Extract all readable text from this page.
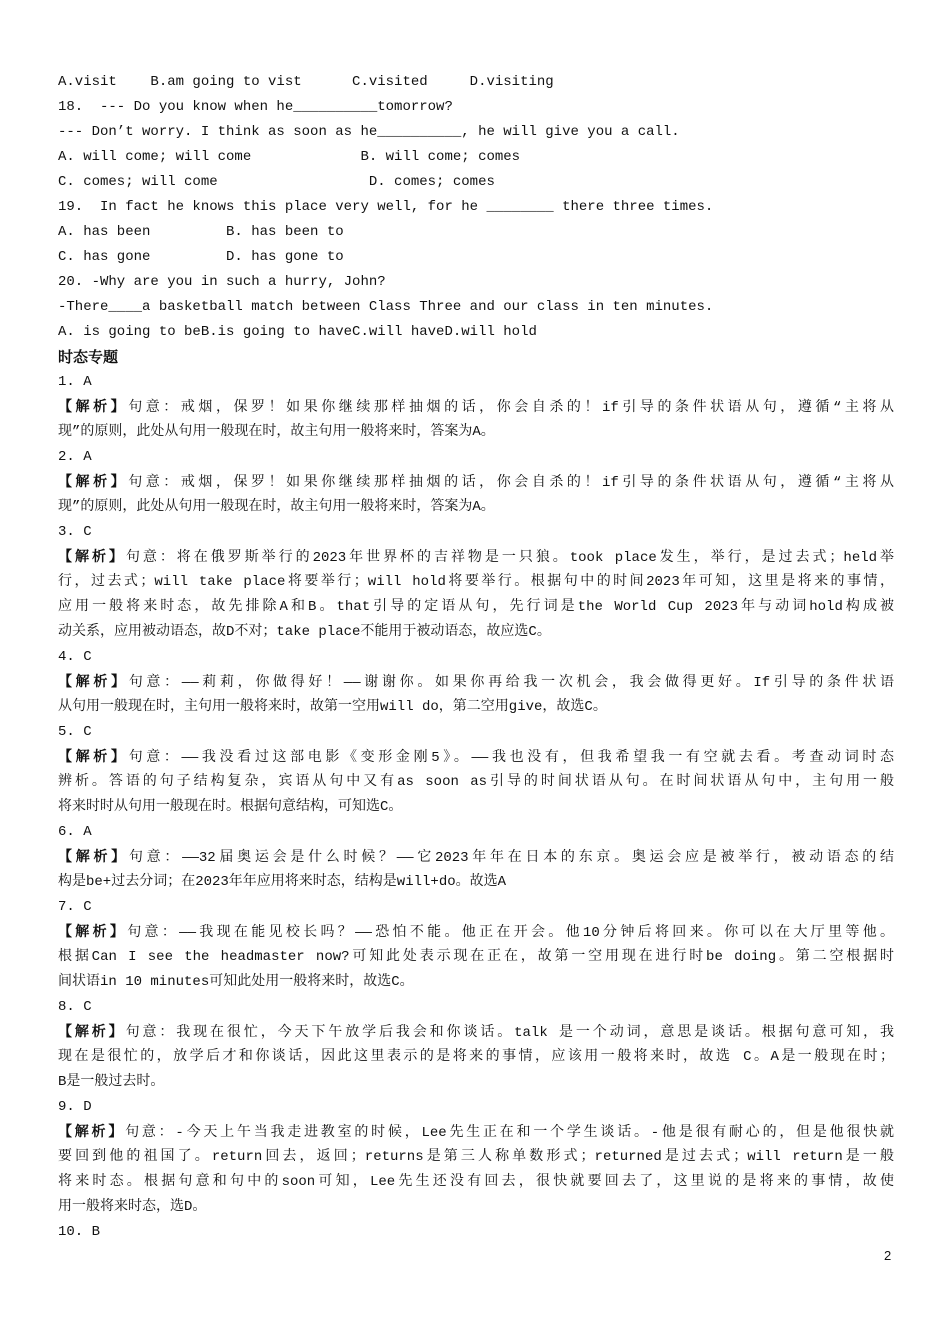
A.visit    B.am going to vist      C.visited     D.visiting
18.  --- Do you know when he__________tomorrow?
--- Don’t worry. I think as soon as he__________, he will give you a call.
A. will come; will come             B. will come; comes
C. comes; will come                  D. comes; comes
19.  In fact he knows this place very well, for he ________ there three times.
A. has been         B. has been to
C. has gone         D. has gone to
20. -Why are you in such a hurry, John?
-There____a basketball match between Class Three and our class in ten minutes.
A. is going to beB.is going to haveC.will haveD.will hold
时态专题
1. A
【解析】句意：戒烟，保罗！如果你继续那样抽烟的话，你会自杀的！if引导的条件状语从句，遵循“主将从
现”的原则，此处从句用一般现在时，故主句用一般将来时，答案为A。
2. A
【解析】句意：戒烟，保罗！如果你继续那样抽烟的话，你会自杀的！if引导的条件状语从句，遵循“主将从
现”的原则，此处从句用一般现在时，故主句用一般将来时，答案为A。
3. C
【解析】句意：将在俄罗斯举行的2023年世界杯的吉祥物是一只狼。took place发生，举行，是过去式；held举
行，过去式；will take place将要举行；will hold将要举行。根据句中的时间2023年可知，这里是将来的事情，
应用一般将来时态，故先排除A和B。that引导的定语从句，先行词是the World Cup 2023年与动词hold构成被
动关系，应用被动语态，故D不对；take place不能用于被动语态，故应选C。
4. C
【解析】句意：——莉莉，你做得好！——谢谢你。如果你再给我一次机会，我会做得更好。If引导的条件状语
从句用一般现在时，主句用一般将来时，故第一空用will do，第二空用give，故选C。
5. C
【解析】句意：——我没看过这部电影《变形金刚5》。——我也没有，但我希望我一有空就去看。考查动词时态
辨析。答语的句子结构复杂，宾语从句中又有as soon as引导的时间状语从句。在时间状语从句中，主句用一般
将来时时从句用一般现在时。根据句意结构，可知选C。
6. A
【解析】句意：——32届奥运会是什么时候？——它2023年年在日本的东京。奥运会应是被举行，被动语态的结
构是be+过去分词；在2023年年应用将来时态，结构是will+do。故选A
7. C
【解析】句意：——我现在能见校长吗？——恐怕不能。他正在开会。他10分钟后将回来。你可以在大厅里等他。
根据Can I see the headmaster now?可知此处表示现在正在，故第一空用现在进行时be doing。第二空根据时
间状语in 10 minutes可知此处用一般将来时，故选C。
8. C
【解析】句意：我现在很忙，今天下午放学后我会和你谈话。talk 是一个动词，意思是谈话。根据句意可知，我
现在是很忙的，放学后才和你谈话，因此这里表示的是将来的事情，应该用一般将来时，故选 C。A是一般现在时；
B是一般过去时。
9. D
【解析】句意：-今天上午当我走进教室的时候，Lee先生正在和一个学生谈话。-他是很有耐心的，但是他很快就
要回到他的祖国了。return回去，返回；returns是第三人称单数形式；returned是过去式；will return是一般
将来时态。根据句意和句中的soon可知，Lee先生还没有回去，很快就要回去了，这里说的是将来的事情，故使
用一般将来时态，选D。
10. B
2
